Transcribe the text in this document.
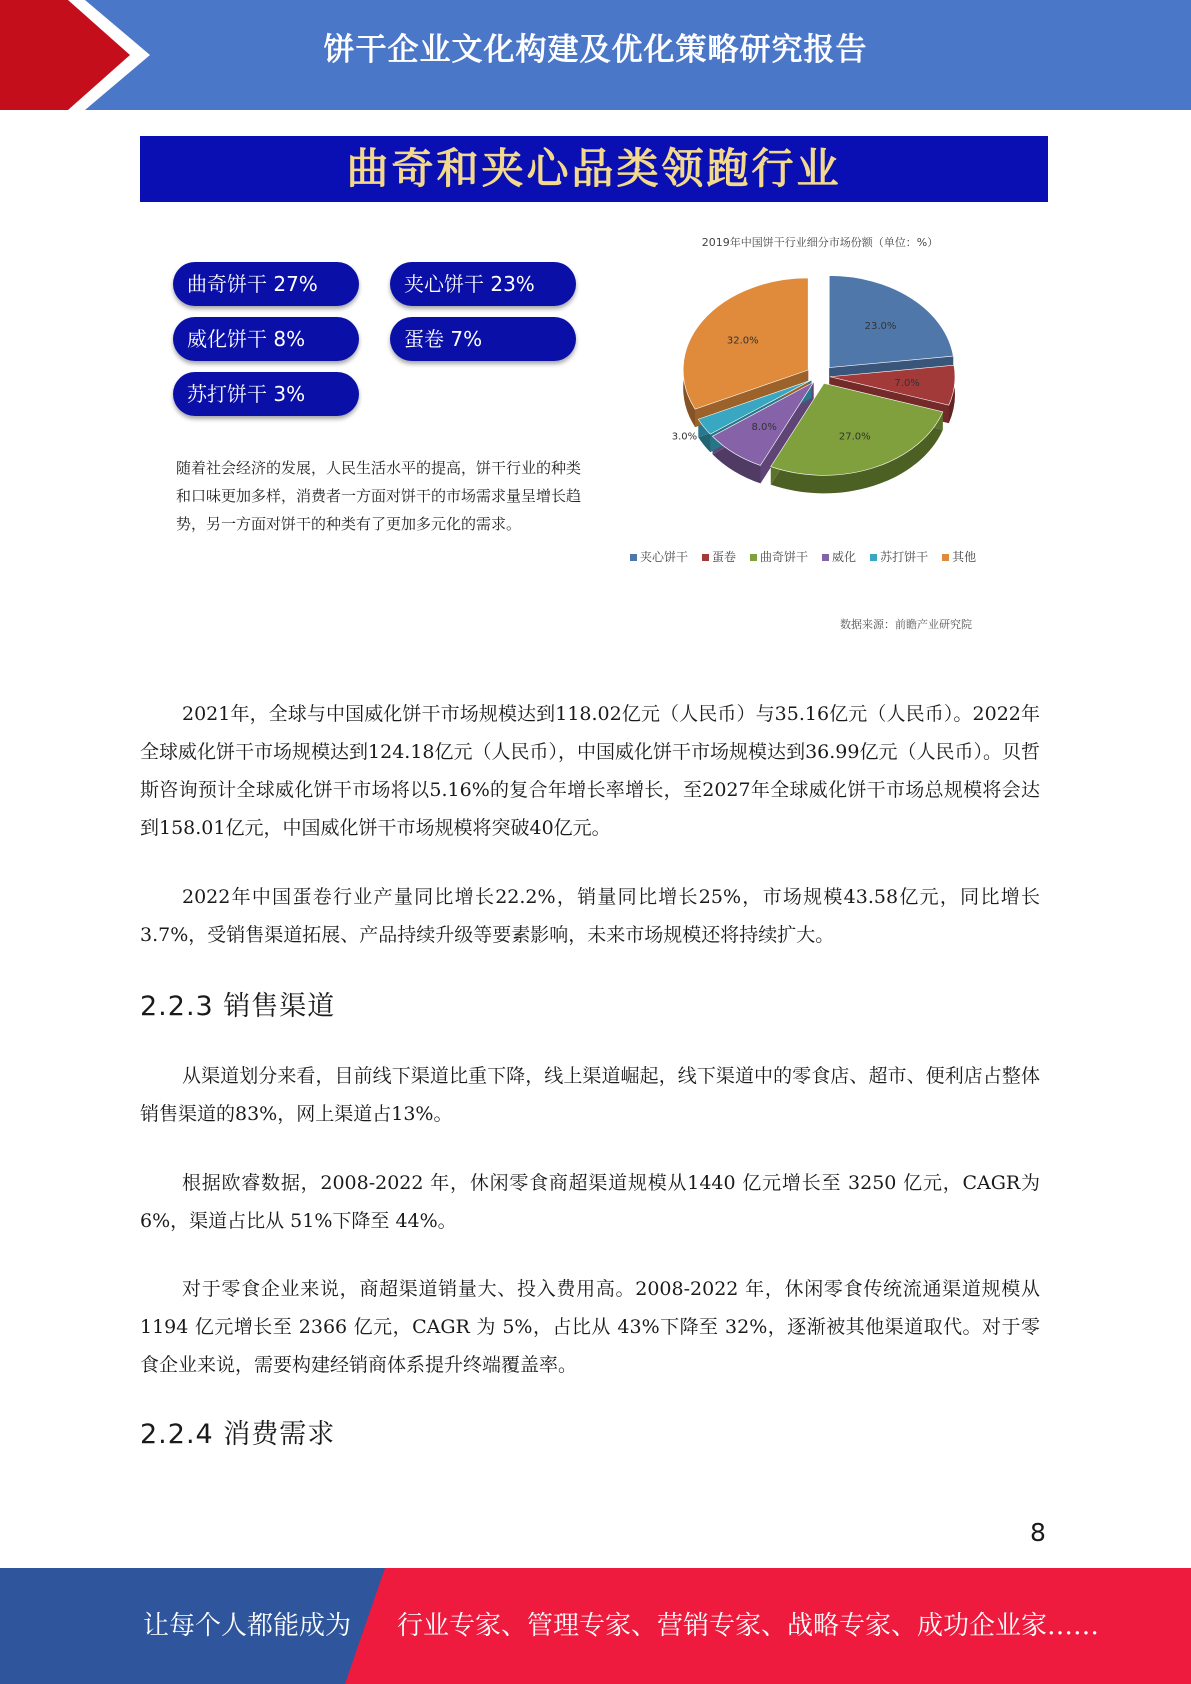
饼干企业文化构建及优化策略研究报告
曲奇和夹心品类领跑行业
曲奇饼干 27%	夹心饼干 23%
威化饼干 8%	蛋卷 7%
苏打饼干 3%
随着社会经济的发展，人民生活水平的提高，饼干行业的种类和口味更加多样，消费者一方面对饼干的市场需求量呈增长趋势，另一方面对饼干的种类有了更加多元化的需求。
2019年中国饼干行业细分市场份额（单位：%）
23.0%
7.0%
27.0%
8.0%
3.0%
32.0%
夹心饼干 蛋卷 曲奇饼干 威化 苏打饼干 其他
数据来源：前瞻产业研究院

2021年，全球与中国威化饼干市场规模达到118.02亿元（人民币）与35.16亿元（人民币）。2022年全球威化饼干市场规模达到124.18亿元（人民币），中国威化饼干市场规模达到36.99亿元（人民币）。贝哲斯咨询预计全球威化饼干市场将以5.16%的复合年增长率增长，至2027年全球威化饼干市场总规模将会达到158.01亿元，中国威化饼干市场规模将突破40亿元。

2022年中国蛋卷行业产量同比增长22.2%，销量同比增长25%，市场规模43.58亿元，同比增长3.7%，受销售渠道拓展、产品持续升级等要素影响，未来市场规模还将持续扩大。

2.2.3 销售渠道

从渠道划分来看，目前线下渠道比重下降，线上渠道崛起，线下渠道中的零食店、超市、便利店占整体销售渠道的83%，网上渠道占13%。

根据欧睿数据，2008-2022 年，休闲零食商超渠道规模从1440 亿元增长至 3250 亿元，CAGR为6%，渠道占比从 51%下降至 44%。

对于零食企业来说，商超渠道销量大、投入费用高。2008-2022 年，休闲零食传统流通渠道规模从1194 亿元增长至 2366 亿元，CAGR 为 5%，占比从 43%下降至 32%，逐渐被其他渠道取代。对于零食企业来说，需要构建经销商体系提升终端覆盖率。

2.2.4 消费需求
8
让每个人都能成为 行业专家、管理专家、营销专家、战略专家、成功企业家……
